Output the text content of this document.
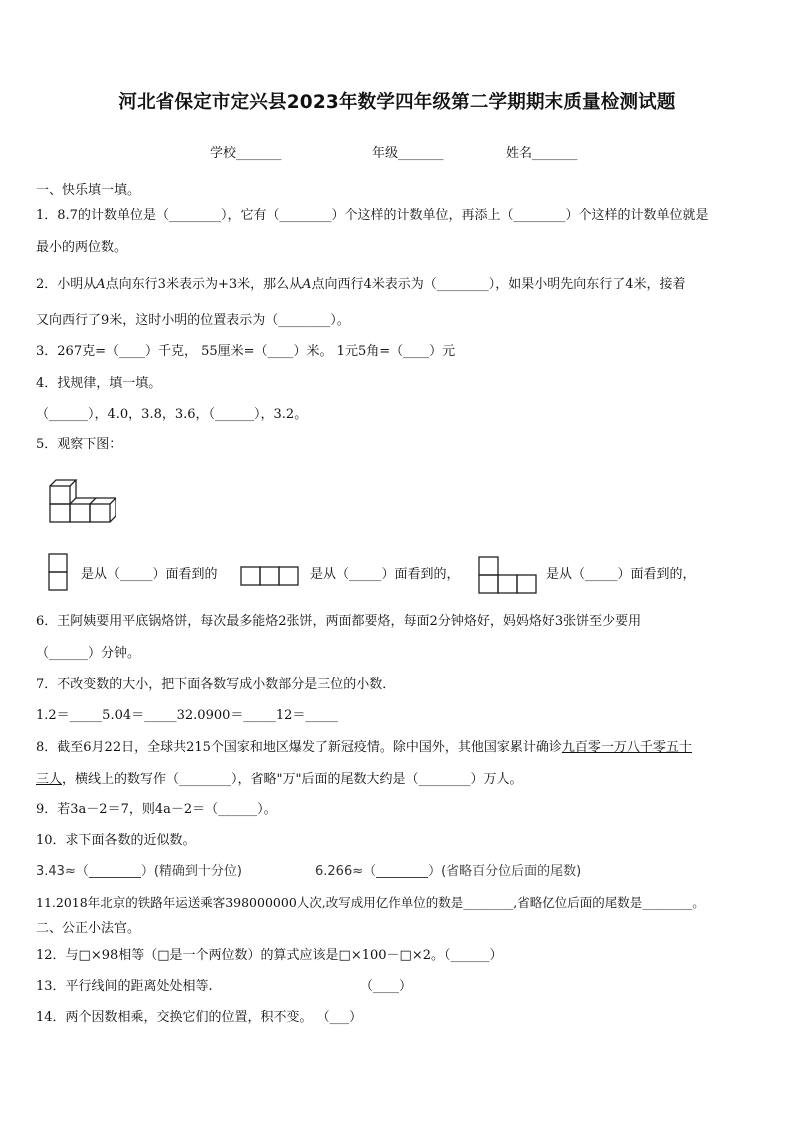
河北省保定市定兴县2023年数学四年级第二学期期末质量检测试题
学校_______	年级_______	姓名_______
一、快乐填一填。
1．8.7的计数单位是（________），它有（________）个这样的计数单位，再添上（________）个这样的计数单位就是
最小的两位数。
2．小明从A点向东行3米表示为+3米，那么从A点向西行4米表示为（________），如果小明先向东行了4米，接着
又向西行了9米，这时小明的位置表示为（________）。
3．267克=（____）千克， 55厘米=（____）米。 1元5角=（____）元
4．找规律，填一填。
（______），4.0，3.8，3.6，（______），3.2。
5．观察下图：
是从（_____）面看到的	是从（_____）面看到的，	是从（_____）面看到的，
6．王阿姨要用平底锅烙饼，每次最多能烙2张饼，两面都要烙，每面2分钟烙好，妈妈烙好3张饼至少要用
（______）分钟。
7．不改变数的大小，把下面各数写成小数部分是三位的小数．
1.2＝_____5.04＝_____32.0900＝_____12＝_____
8．截至6月22日，全球共215个国家和地区爆发了新冠疫情。除中国外，其他国家累计确诊九百零一万八千零五十
三人，横线上的数写作（________），省略"万"后面的尾数大约是（________）万人。
9．若3a－2＝7，则4a－2＝（______）。
10．求下面各数的近似数。
3.43≈（________）(精确到十分位)	6.266≈（________）(省略百分位后面的尾数)
11.2018年北京的铁路年运送乘客398000000人次,改写成用亿作单位的数是________,省略亿位后面的尾数是________。
二、公正小法官。
12．与□×98相等（□是一个两位数）的算式应该是□×100－□×2。（______）
13．平行线间的距离处处相等.	（____）
14．两个因数相乘，交换它们的位置，积不变。 （___）
